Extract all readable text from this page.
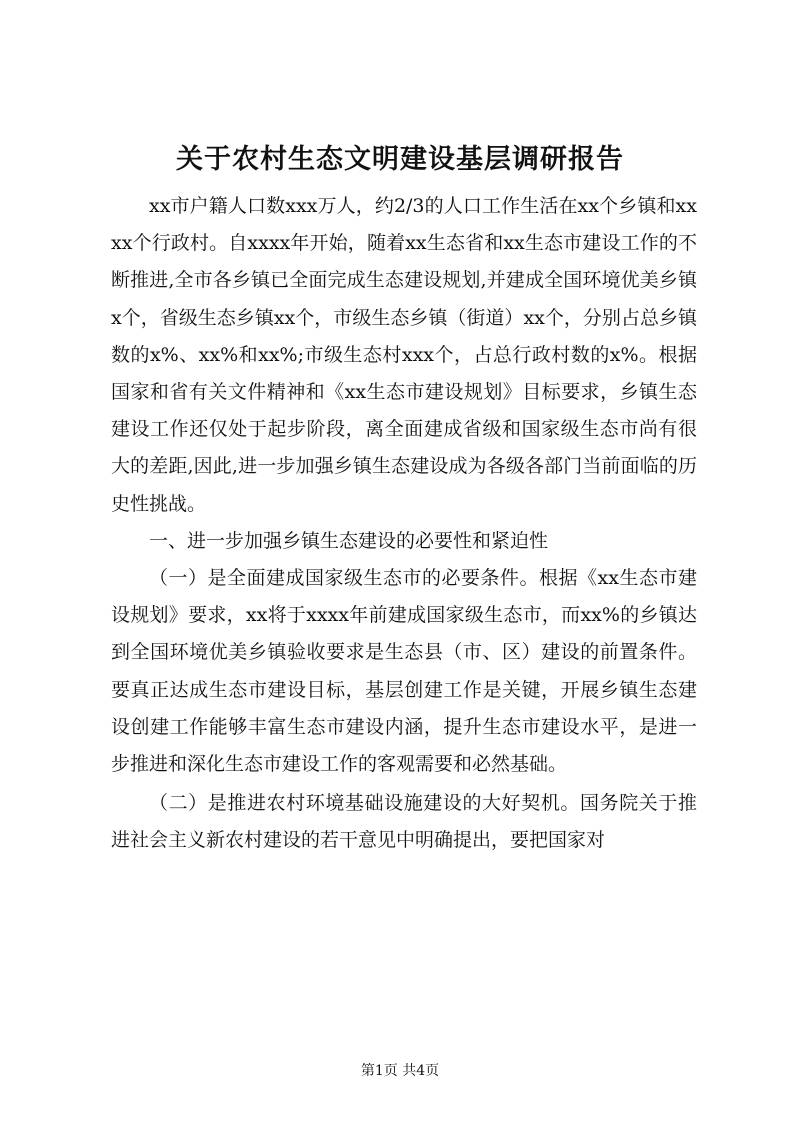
关于农村生态文明建设基层调研报告

xx市户籍人口数xxx万人，约2/3的人口工作生活在xx个乡镇和xxxx个行政村。自xxxx年开始，随着xx生态省和xx生态市建设工作的不断推进,全市各乡镇已全面完成生态建设规划,并建成全国环境优美乡镇x个，省级生态乡镇xx个，市级生态乡镇（街道）xx个，分别占总乡镇数的x%、xx%和xx%;市级生态村xxx个，占总行政村数的x%。根据国家和省有关文件精神和《xx生态市建设规划》目标要求，乡镇生态建设工作还仅处于起步阶段，离全面建成省级和国家级生态市尚有很大的差距,因此,进一步加强乡镇生态建设成为各级各部门当前面临的历史性挑战。

一、进一步加强乡镇生态建设的必要性和紧迫性

（一）是全面建成国家级生态市的必要条件。根据《xx生态市建设规划》要求，xx将于xxxx年前建成国家级生态市，而xx%的乡镇达到全国环境优美乡镇验收要求是生态县（市、区）建设的前置条件。要真正达成生态市建设目标，基层创建工作是关键，开展乡镇生态建设创建工作能够丰富生态市建设内涵，提升生态市建设水平，是进一步推进和深化生态市建设工作的客观需要和必然基础。

（二）是推进农村环境基础设施建设的大好契机。国务院关于推进社会主义新农村建设的若干意见中明确提出，要把国家对

第1页 共4页
